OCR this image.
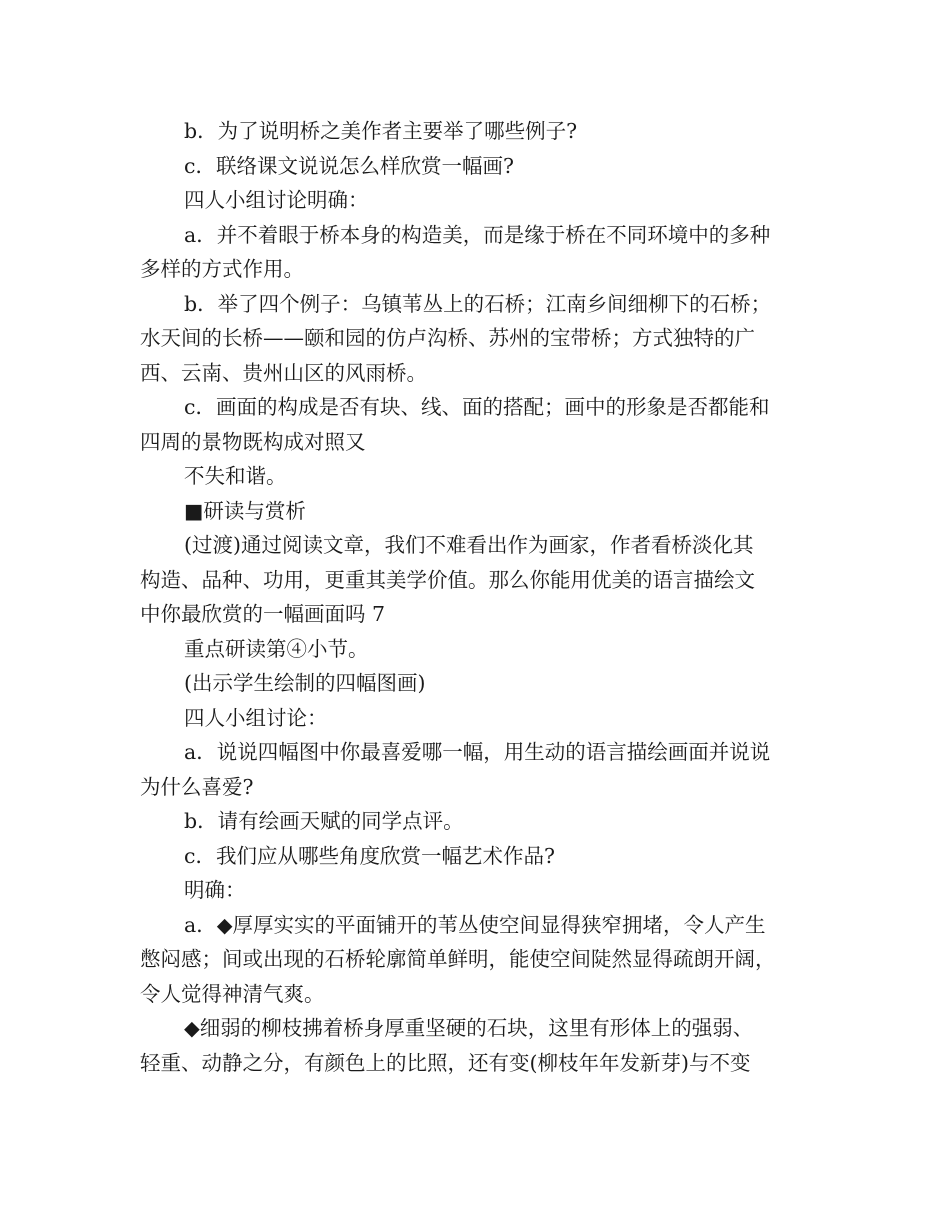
b．为了说明桥之美作者主要举了哪些例子?

c．联络课文说说怎么样欣赏一幅画?

四人小组讨论明确：

a．并不着眼于桥本身的构造美，而是缘于桥在不同环境中的多种

多样的方式作用。

b．举了四个例子：乌镇苇丛上的石桥；江南乡间细柳下的石桥；

水天间的长桥——颐和园的仿卢沟桥、苏州的宝带桥；方式独特的广

西、云南、贵州山区的风雨桥。

c．画面的构成是否有块、线、面的搭配；画中的形象是否都能和

四周的景物既构成对照又

不失和谐。

■研读与赏析

(过渡)通过阅读文章，我们不难看出作为画家，作者看桥淡化其

构造、品种、功用，更重其美学价值。那么你能用优美的语言描绘文

中你最欣赏的一幅画面吗 7

重点研读第④小节。

(出示学生绘制的四幅图画)

四人小组讨论：

a．说说四幅图中你最喜爱哪一幅，用生动的语言描绘画面并说说

为什么喜爱?

b．请有绘画天赋的同学点评。

c．我们应从哪些角度欣赏一幅艺术作品?

明确：

a．◆厚厚实实的平面铺开的苇丛使空间显得狭窄拥堵，令人产生

憋闷感；间或出现的石桥轮廓简单鲜明，能使空间陡然显得疏朗开阔，

令人觉得神清气爽。

◆细弱的柳枝拂着桥身厚重坚硬的石块，这里有形体上的强弱、

轻重、动静之分，有颜色上的比照，还有变(柳枝年年发新芽)与不变
